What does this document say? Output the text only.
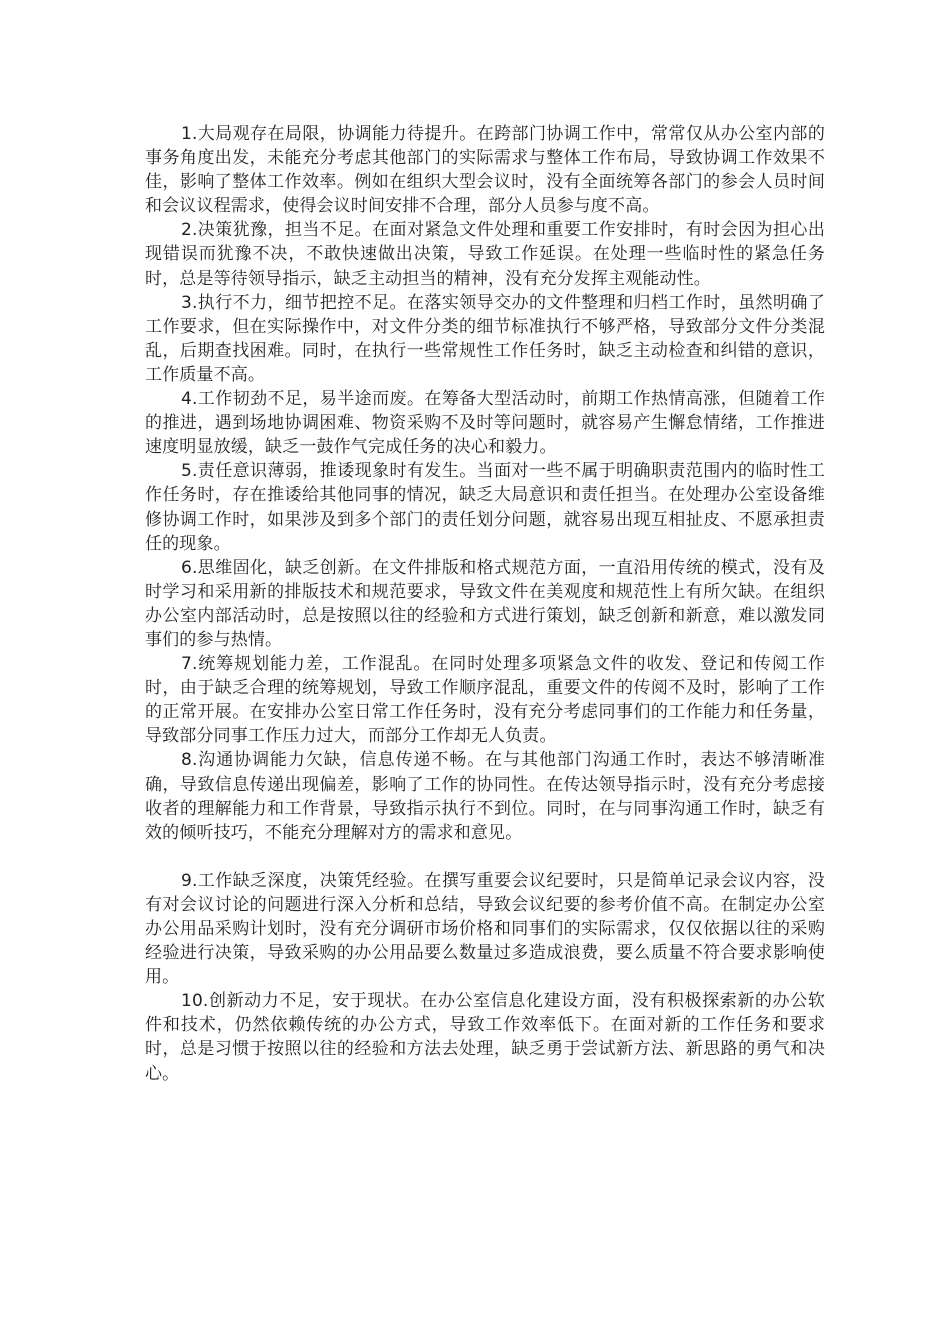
1.大局观存在局限，协调能力待提升。在跨部门协调工作中，常常仅从办公室内部的事务角度出发，未能充分考虑其他部门的实际需求与整体工作布局，导致协调工作效果不佳，影响了整体工作效率。例如在组织大型会议时，没有全面统筹各部门的参会人员时间和会议议程需求，使得会议时间安排不合理，部分人员参与度不高。

2.决策犹豫，担当不足。在面对紧急文件处理和重要工作安排时，有时会因为担心出现错误而犹豫不决，不敢快速做出决策，导致工作延误。在处理一些临时性的紧急任务时，总是等待领导指示，缺乏主动担当的精神，没有充分发挥主观能动性。

3.执行不力，细节把控不足。在落实领导交办的文件整理和归档工作时，虽然明确了工作要求，但在实际操作中，对文件分类的细节标准执行不够严格，导致部分文件分类混乱，后期查找困难。同时，在执行一些常规性工作任务时，缺乏主动检查和纠错的意识，工作质量不高。

4.工作韧劲不足，易半途而废。在筹备大型活动时，前期工作热情高涨，但随着工作的推进，遇到场地协调困难、物资采购不及时等问题时，就容易产生懈怠情绪，工作推进速度明显放缓，缺乏一鼓作气完成任务的决心和毅力。

5.责任意识薄弱，推诿现象时有发生。当面对一些不属于明确职责范围内的临时性工作任务时，存在推诿给其他同事的情况，缺乏大局意识和责任担当。在处理办公室设备维修协调工作时，如果涉及到多个部门的责任划分问题，就容易出现互相扯皮、不愿承担责任的现象。

6.思维固化，缺乏创新。在文件排版和格式规范方面，一直沿用传统的模式，没有及时学习和采用新的排版技术和规范要求，导致文件在美观度和规范性上有所欠缺。在组织办公室内部活动时，总是按照以往的经验和方式进行策划，缺乏创新和新意，难以激发同事们的参与热情。

7.统筹规划能力差，工作混乱。在同时处理多项紧急文件的收发、登记和传阅工作时，由于缺乏合理的统筹规划，导致工作顺序混乱，重要文件的传阅不及时，影响了工作的正常开展。在安排办公室日常工作任务时，没有充分考虑同事们的工作能力和任务量，导致部分同事工作压力过大，而部分工作却无人负责。

8.沟通协调能力欠缺，信息传递不畅。在与其他部门沟通工作时，表达不够清晰准确，导致信息传递出现偏差，影响了工作的协同性。在传达领导指示时，没有充分考虑接收者的理解能力和工作背景，导致指示执行不到位。同时，在与同事沟通工作时，缺乏有效的倾听技巧，不能充分理解对方的需求和意见。

9.工作缺乏深度，决策凭经验。在撰写重要会议纪要时，只是简单记录会议内容，没有对会议讨论的问题进行深入分析和总结，导致会议纪要的参考价值不高。在制定办公室办公用品采购计划时，没有充分调研市场价格和同事们的实际需求，仅仅依据以往的采购经验进行决策，导致采购的办公用品要么数量过多造成浪费，要么质量不符合要求影响使用。

10.创新动力不足，安于现状。在办公室信息化建设方面，没有积极探索新的办公软件和技术，仍然依赖传统的办公方式，导致工作效率低下。在面对新的工作任务和要求时，总是习惯于按照以往的经验和方法去处理，缺乏勇于尝试新方法、新思路的勇气和决心。
